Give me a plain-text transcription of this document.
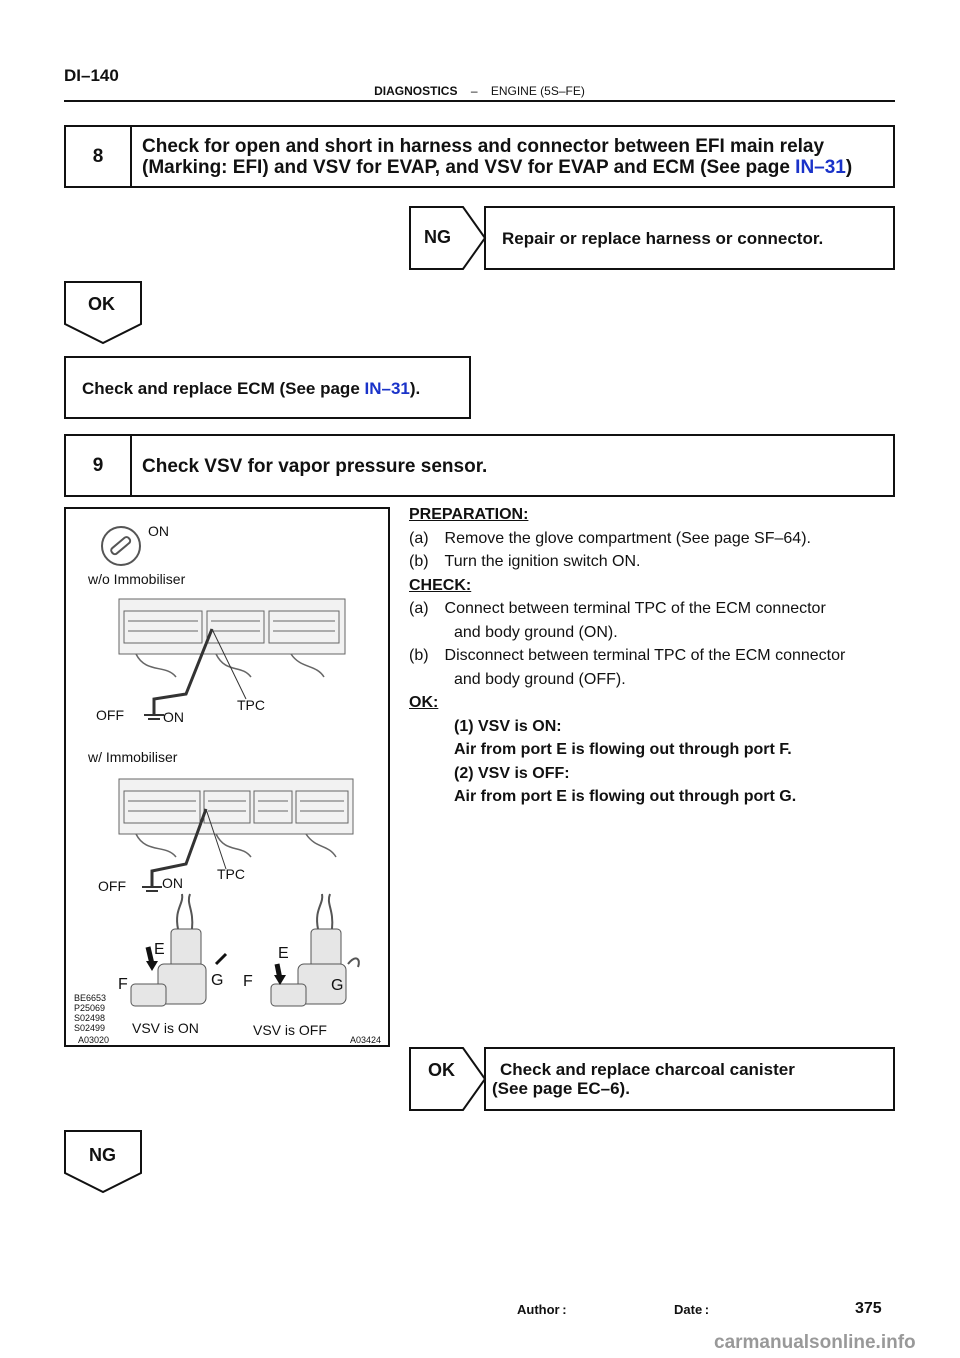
DI–140
DIAGNOSTICS – ENGINE (5S–FE)
8	Check for open and short in harness and connector between EFI main relay
(Marking: EFI) and VSV for EVAP, and VSV for EVAP and ECM (See page IN–31)
NG	Repair or replace harness or connector.
OK
Check and replace ECM (See page IN–31).
9	Check VSV for vapor pressure sensor.
PREPARATION:
(a)  Remove the glove compartment (See page SF–64).
(b)  Turn the ignition switch ON.
CHECK:
(a)  Connect between terminal TPC of the ECM connector
and body ground (ON).
(b)  Disconnect between terminal TPC of the ECM connector
and body ground (OFF).
OK:
(1) VSV is ON:
Air from port E is flowing out through port F.
(2) VSV is OFF:
Air from port E is flowing out through port G.
ON
w/o Immobiliser
OFF	ON
TPC
w/ Immobiliser
OFF	ON
TPC
E
F	G
E
F	G
VSV is ON	VSV is OFF
BE6653
P25069
S02498
S02499
A03020	A03424
OK	Check and replace charcoal canister
(See page EC–6).
NG
Author :	Date :	375
carmanualsonline.info
